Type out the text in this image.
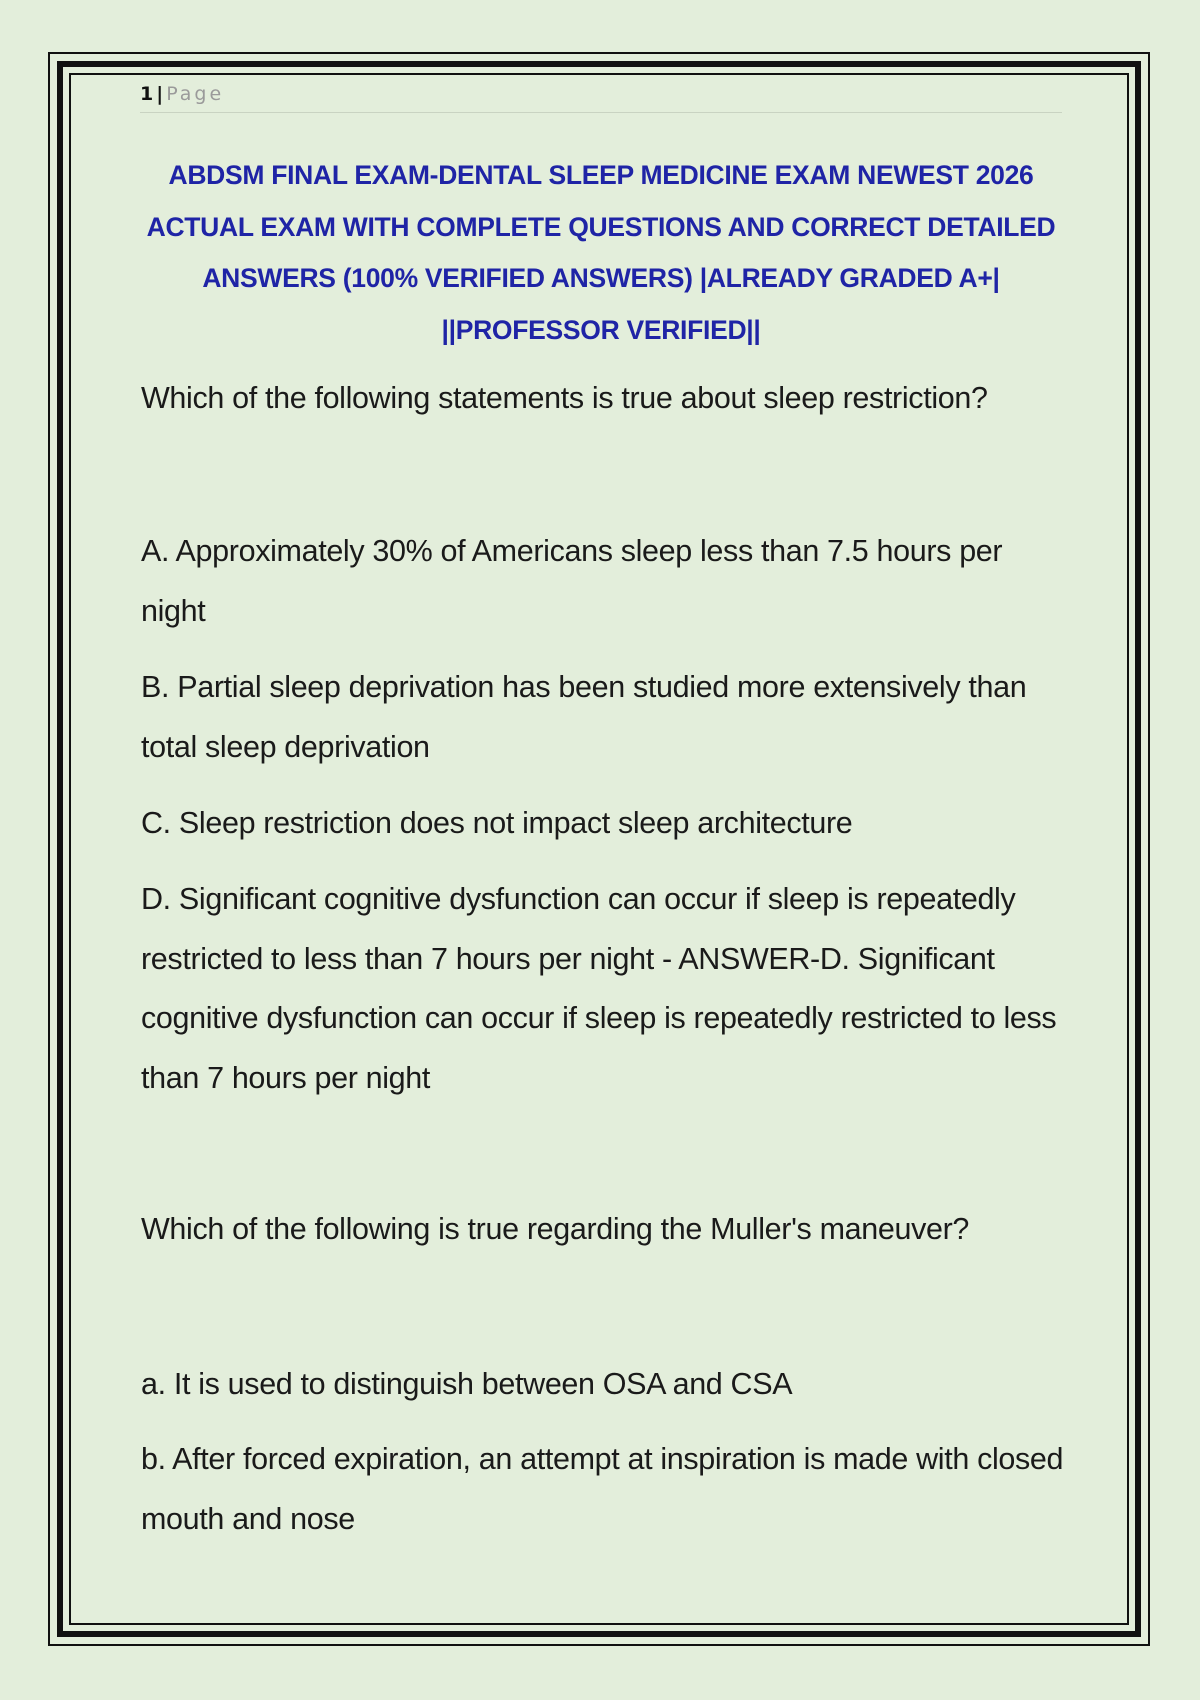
1 | Page
ABDSM FINAL EXAM-DENTAL SLEEP MEDICINE EXAM NEWEST 2026 ACTUAL EXAM WITH COMPLETE QUESTIONS AND CORRECT DETAILED ANSWERS (100% VERIFIED ANSWERS) |ALREADY GRADED A+| ||PROFESSOR VERIFIED||
Which of the following statements is true about sleep restriction?
A. Approximately 30% of Americans sleep less than 7.5 hours per night
B. Partial sleep deprivation has been studied more extensively than total sleep deprivation
C. Sleep restriction does not impact sleep architecture
D. Significant cognitive dysfunction can occur if sleep is repeatedly restricted to less than 7 hours per night - ANSWER-D. Significant cognitive dysfunction can occur if sleep is repeatedly restricted to less than 7 hours per night
Which of the following is true regarding the Muller's maneuver?
a. It is used to distinguish between OSA and CSA
b. After forced expiration, an attempt at inspiration is made with closed mouth and nose
